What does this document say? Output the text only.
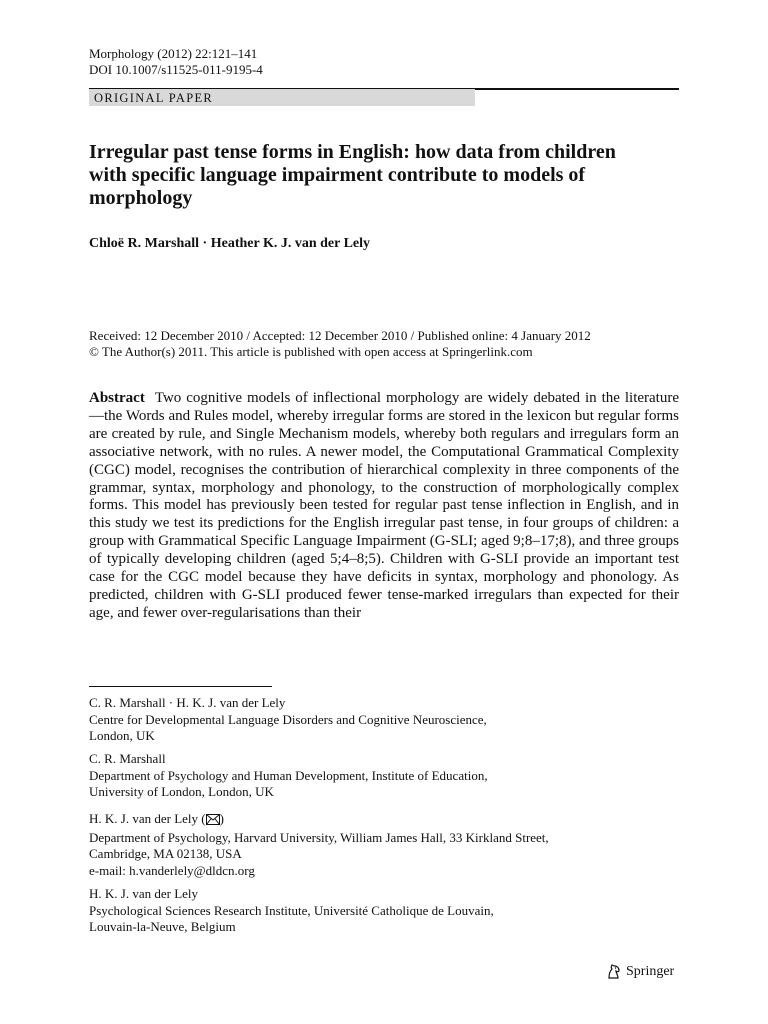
Morphology (2012) 22:121–141
DOI 10.1007/s11525-011-9195-4
ORIGINAL PAPER
Irregular past tense forms in English: how data from children with specific language impairment contribute to models of morphology
Chloë R. Marshall · Heather K. J. van der Lely
Received: 12 December 2010 / Accepted: 12 December 2010 / Published online: 4 January 2012
© The Author(s) 2011. This article is published with open access at Springerlink.com
Abstract Two cognitive models of inflectional morphology are widely debated in the literature—the Words and Rules model, whereby irregular forms are stored in the lexicon but regular forms are created by rule, and Single Mechanism models, whereby both regulars and irregulars form an associative network, with no rules. A newer model, the Computational Grammatical Complexity (CGC) model, recognises the contribution of hierarchical complexity in three components of the grammar, syntax, morphology and phonology, to the construction of morphologically complex forms. This model has previously been tested for regular past tense inflection in English, and in this study we test its predictions for the English irregular past tense, in four groups of children: a group with Grammatical Specific Language Impairment (G-SLI; aged 9;8–17;8), and three groups of typically developing children (aged 5;4–8;5). Children with G-SLI provide an important test case for the CGC model because they have deficits in syntax, morphology and phonology. As predicted, children with G-SLI produced fewer tense-marked irregulars than expected for their age, and fewer over-regularisations than their
C. R. Marshall · H. K. J. van der Lely
Centre for Developmental Language Disorders and Cognitive Neuroscience,
London, UK
C. R. Marshall
Department of Psychology and Human Development, Institute of Education,
University of London, London, UK
H. K. J. van der Lely ( )
Department of Psychology, Harvard University, William James Hall, 33 Kirkland Street,
Cambridge, MA 02138, USA
e-mail: h.vanderlely@dldcn.org
H. K. J. van der Lely
Psychological Sciences Research Institute, Université Catholique de Louvain,
Louvain-la-Neuve, Belgium
Springer
